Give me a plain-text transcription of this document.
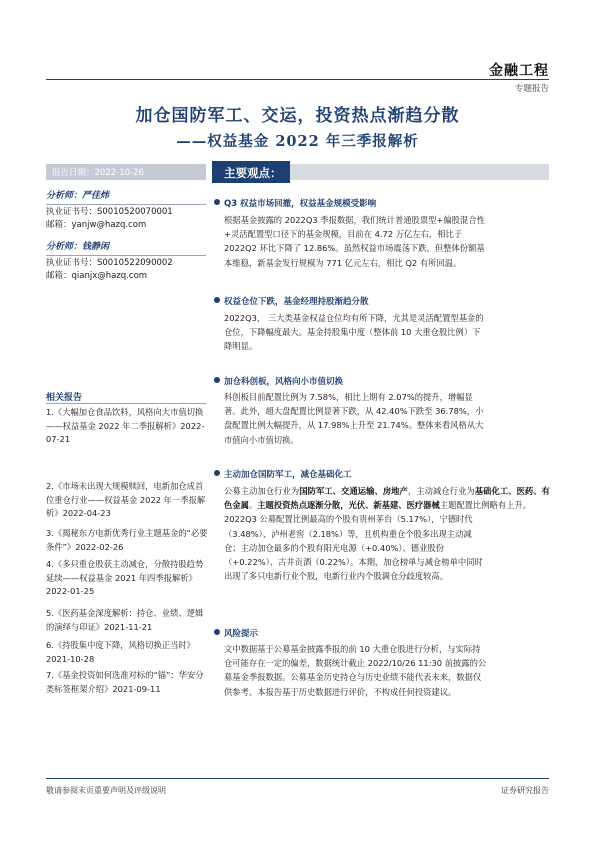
金融工程
专题报告
加仓国防军工、交运，投资热点渐趋分散
——权益基金 2022 年三季报解析
报告日期：2022-10-26	主要观点：
分析师：严佳炜
执业证书号：S0010520070001
邮箱：yanjw@hazq.com
分析师：钱静闲
执业证书号：S0010522090002
邮箱：qianjx@hazq.com
相关报告
1.《大幅加仓食品饮料，风格向大市值切换——权益基金 2022 年二季报解析》2022-07-21
2.《市场未出现大规模赎回，电新加仓成首位重仓行业——权益基金 2022 年一季报解析》2022-04-23
3.《揭秘东方电新优秀行业主题基金的“必要条件”》2022-02-26
4.《多只重仓股获主动减仓，分散持股趋势延续——权益基金 2021 年四季报解析》2022-01-25
5.《医药基金深度解析：持仓、业绩、逻辑的演绎与印证》2021-11-21
6.《持股集中度下降，风格切换正当时》2021-10-28
7.《基金投资如何选准对标的“锚”：华安分类标签框架介绍》2021-09-11
Q3 权益市场回撤，权益基金规模受影响
根据基金披露的 2022Q3 季报数据，我们统计普通股票型+偏股混合性
+灵活配置型口径下的基金规模，目前在 4.72 万亿左右，相比于
2022Q2 环比下降了 12.86%。虽然权益市场震荡下跌，但整体份额基
本维稳，新基金发行规模为 771 亿元左右，相比 Q2 有所回温。
权益仓位下跌，基金经理持股渐趋分散
2022Q3， 三大类基金权益仓位均有所下降，尤其是灵活配置型基金的
仓位，下降幅度最大。基金持股集中度（整体前 10 大重仓股比例）下
降明显。
加仓科创板，风格向小市值切换
科创板目前配置比例为 7.58%，相比上期有 2.07%的提升，增幅显
著。此外，超大盘配置比例显著下跌，从 42.40%下跌至 36.78%，小
盘配置比例大幅提升，从 17.98%上升至 21.74%。整体来看风格从大
市值向小市值切换。
主动加仓国防军工，减仓基础化工
公募主动加仓行业为国防军工、交通运输、房地产，主动减仓行业为基础化工、医药、有色金属。主题投资热点逐渐分散，光伏、新基建、医疗器械主题配置比例略有上升。
2022Q3 公募配置比例最高的个股有贵州茅台（5.17%），宁德时代
（3.48%）、泸州老窖（2.18%）等，且机构重仓个股多出现主动减
仓；主动加仓最多的个股有阳光电源（+0.40%）、德业股份
（+0.22%）、古井贡酒（0.22%）。本期，加仓榜单与减仓榜单中同时
出现了多只电新行业个股，电新行业内个股调仓分歧度较高。
风险提示
文中数据基于公募基金披露季报的前 10 大重仓股进行分析，与实际持
仓可能存在一定的偏差，数据统计截止 2022/10/26 11:30 前披露的公
募基金季报数据。公募基金历史持仓与历史业绩不能代表未来，数据仅
供参考。本报告基于历史数据进行评价，不构成任何投资建议。
敬请参阅末页重要声明及评级说明	证券研究报告
